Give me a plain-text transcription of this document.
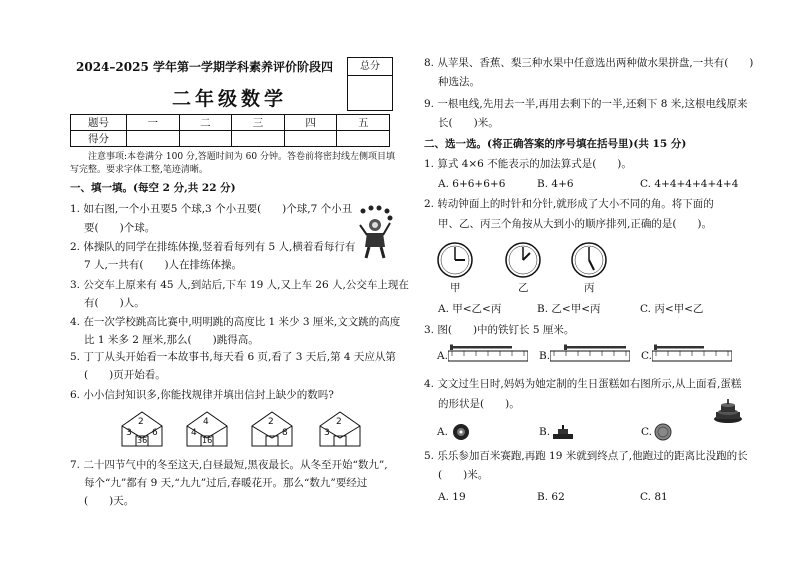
2024–2025 学年第一学期学科素养评价阶段四	总分
二年级数学
题号	一	二	三	四	五
得分					
注意事项:本卷满分 100 分,答题时间为 60 分钟。答卷前将密封线左侧项目填
写完整。要求字体工整,笔迹清晰。
一、填一填。(每空 2 分,共 22 分)
1. 如右图,一个小丑要5 个球,3 个小丑要(　　)个球,7 个小丑
要(　　)个球。
2. 体操队的同学在排练体操,竖着看每列有 5 人,横着看每行有
7 人,一共有(　　)人在排练体操。
3. 公交车上原来有 45 人,到站后,下车 19 人,又上车 26 人,公交车上现在
有(　　)人。
4. 在一次学校跳高比赛中,明明跳的高度比 1 米少 3 厘米,文文跳的高度
比 1 米多 2 厘米,那么(　　)跳得高。
5. 丁丁从头开始看一本故事书,每天看 6 页,看了 3 天后,第 4 天应从第
(　　)页开始看。
6. 小小信封知识多,你能找规律并填出信封上缺少的数吗?
2
3 6
36
4
4
16
2
8
2
3
7. 二十四节气中的冬至这天,白昼最短,黑夜最长。从冬至开始“数九”,
每个“九”都有 9 天,“九九”过后,春暖花开。那么“数九”要经过
(　　)天。
8. 从苹果、香蕉、梨三种水果中任意选出两种做水果拼盘,一共有(　　)
种选法。
9. 一根电线,先用去一半,再用去剩下的一半,还剩下 8 米,这根电线原来
长(　　)米。
二、选一选。(将正确答案的序号填在括号里)(共 15 分)
1. 算式 4×6 不能表示的加法算式是(　　)。
A. 6+6+6+6	B. 4+6	C. 4+4+4+4+4+4
2. 转动钟面上的时针和分针,就形成了大小不同的角。将下面的
甲、乙、丙三个角按从大到小的顺序排列,正确的是(　　)。
甲	乙	丙
A. 甲<乙<丙	B. 乙<甲<丙	C. 丙<甲<乙
3. 图(　　)中的铁钉长 5 厘米。
A.	B.	C.
4. 文文过生日时,妈妈为她定制的生日蛋糕如右图所示,从上面看,蛋糕
的形状是(　　)。
A.	B.	C.
5. 乐乐参加百米赛跑,再跑 19 米就到终点了,他跑过的距离比没跑的长
(　　)米。
A. 19	B. 62	C. 81
